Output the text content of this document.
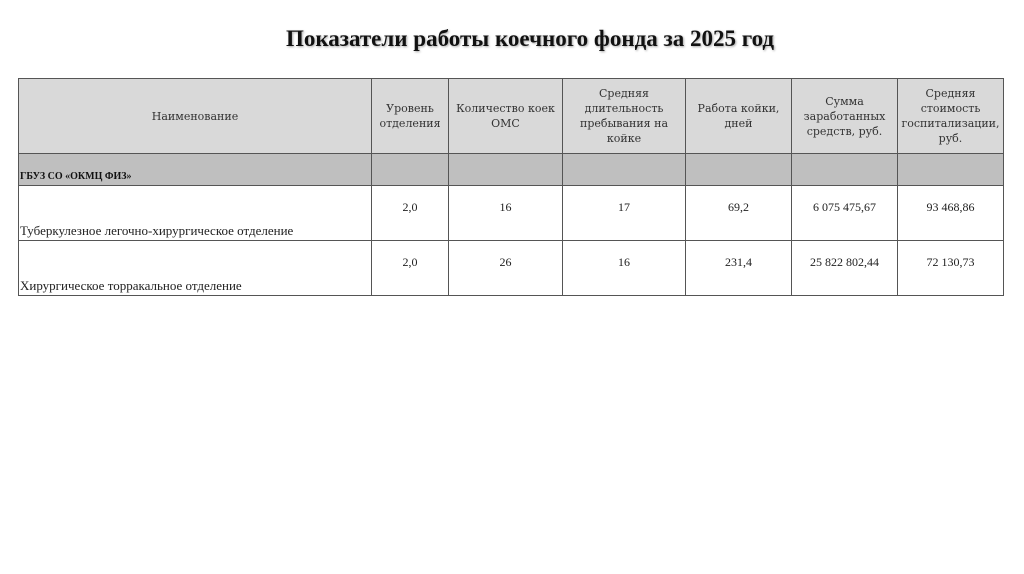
Показатели работы коечного фонда за 2025 год
Наименование	Уровень отделения	Количество коек ОМС	Средняя длительность пребывания на койке	Работа койки, дней	Сумма заработанных средств, руб.	Средняя стоимость госпитализации, руб.
ГБУЗ СО «ОКМЦ ФИЗ»						
Туберкулезное легочно-хирургическое отделение	2,0	16	17	69,2	6 075 475,67	93 468,86
Хирургическое торракальное отделение	2,0	26	16	231,4	25 822 802,44	72 130,73
